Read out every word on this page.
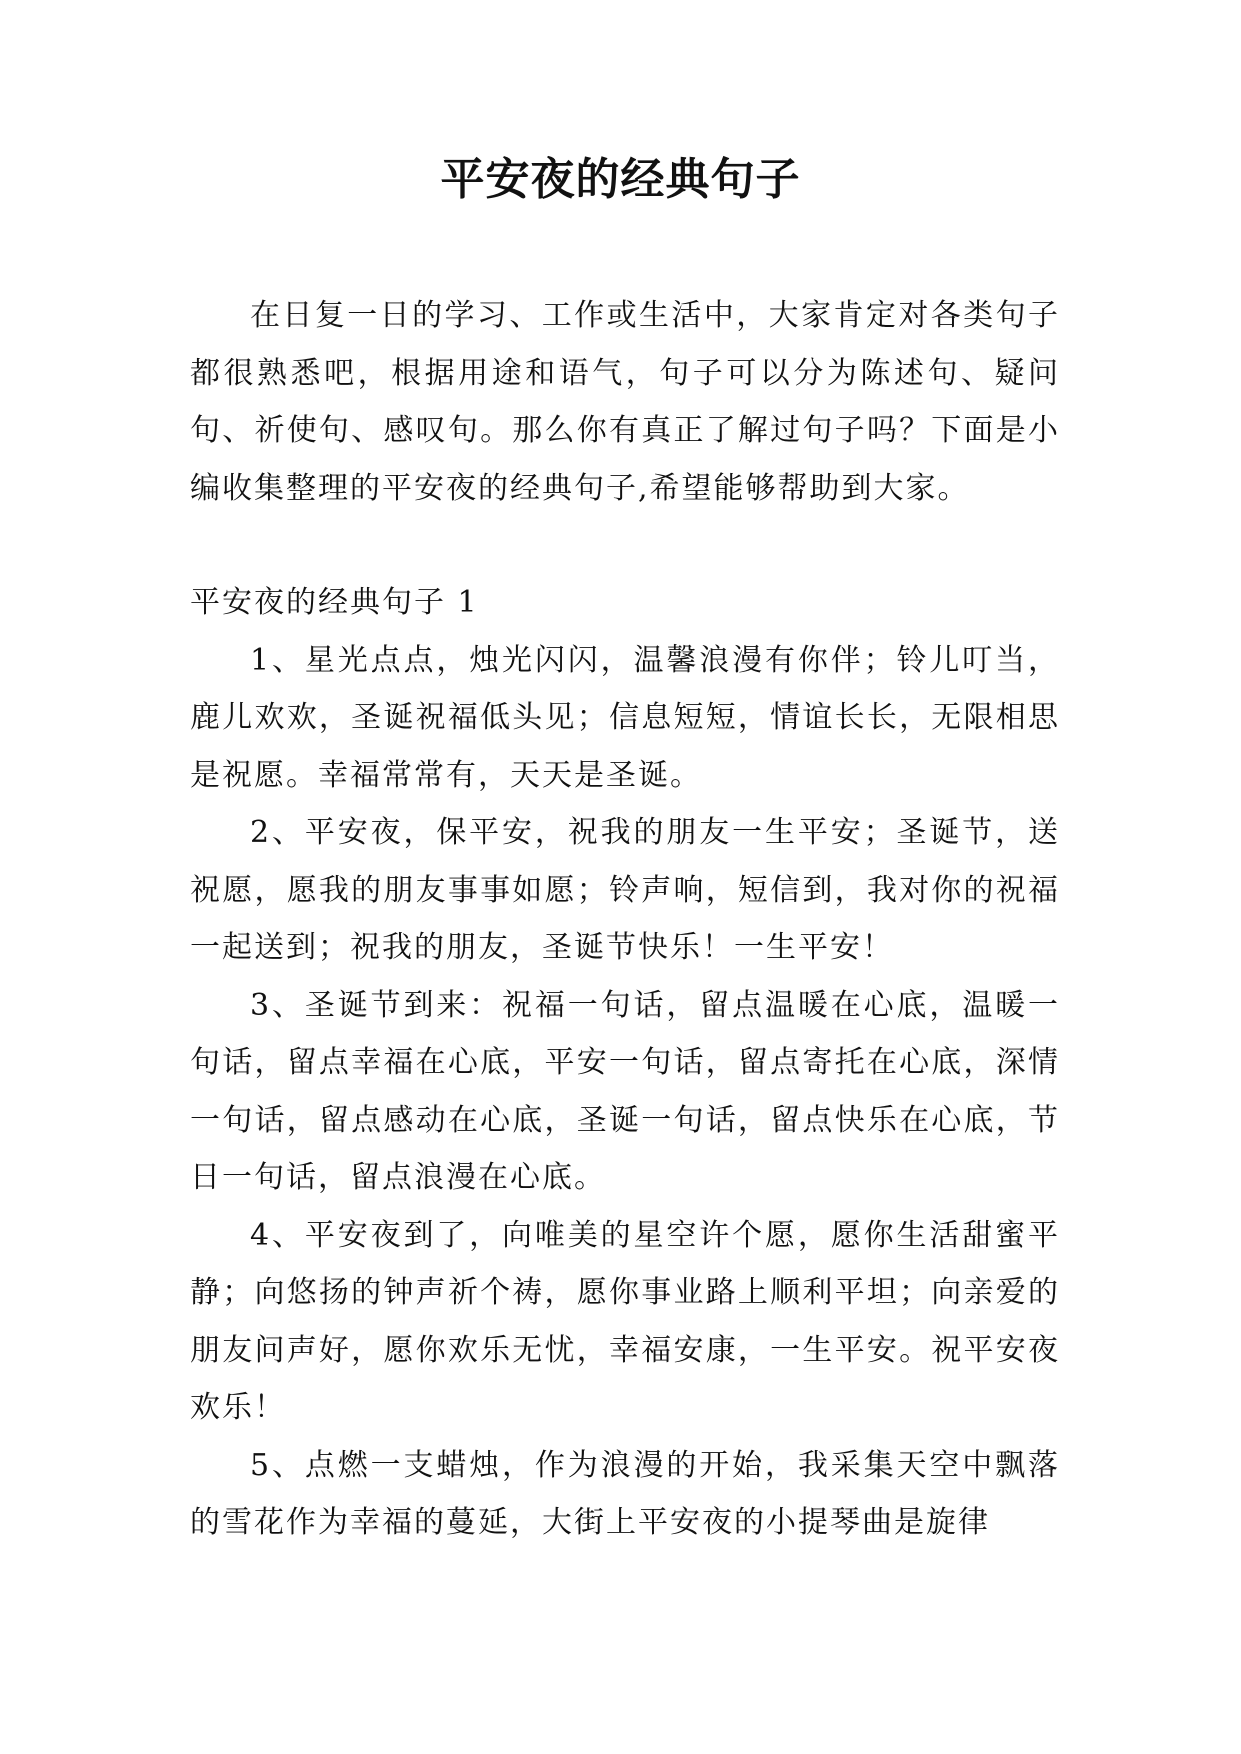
平安夜的经典句子

在日复一日的学习、工作或生活中，大家肯定对各类句子都很熟悉吧，根据用途和语气，句子可以分为陈述句、疑问句、祈使句、感叹句。那么你有真正了解过句子吗？下面是小编收集整理的平安夜的经典句子,希望能够帮助到大家。

平安夜的经典句子 1

1、星光点点，烛光闪闪，温馨浪漫有你伴；铃儿叮当，鹿儿欢欢，圣诞祝福低头见；信息短短，情谊长长，无限相思是祝愿。幸福常常有，天天是圣诞。

2、平安夜，保平安，祝我的朋友一生平安；圣诞节，送祝愿，愿我的朋友事事如愿；铃声响，短信到，我对你的祝福一起送到；祝我的朋友，圣诞节快乐！一生平安！

3、圣诞节到来：祝福一句话，留点温暖在心底，温暖一句话，留点幸福在心底，平安一句话，留点寄托在心底，深情一句话，留点感动在心底，圣诞一句话，留点快乐在心底，节日一句话，留点浪漫在心底。

4、平安夜到了，向唯美的星空许个愿，愿你生活甜蜜平静；向悠扬的钟声祈个祷，愿你事业路上顺利平坦；向亲爱的朋友问声好，愿你欢乐无忧，幸福安康，一生平安。祝平安夜欢乐！

5、点燃一支蜡烛，作为浪漫的开始，我采集天空中飘落的雪花作为幸福的蔓延，大街上平安夜的小提琴曲是旋律
